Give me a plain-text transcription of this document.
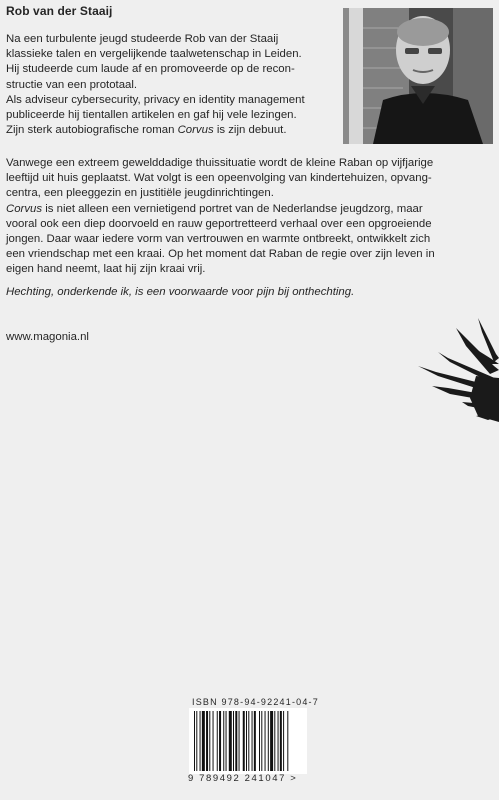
Rob van der Staaij

Na een turbulente jeugd studeerde Rob van der Staaij
klassieke talen en vergelijkende taalwetenschap in Leiden.
Hij studeerde cum laude af en promoveerde op de recon-
structie van een prototaal.

Als adviseur cybersecurity, privacy en identity management
publiceerde hij tientallen artikelen en gaf hij vele lezingen.
Zijn sterk autobiografische roman Corvus is zijn debuut.

Vanwege een extreem gewelddadige thuissituatie wordt de kleine Raban op vijfjarige
leeftijd uit huis geplaatst. Wat volgt is een opeenvolging van kindertehuizen, opvang-
centra, een pleeggezin en justitiële jeugdinrichtingen.
Corvus is niet alleen een vernietigend portret van de Nederlandse jeugdzorg, maar
vooral ook een diep doorvoeld en rauw geportretteerd verhaal over een opgroeiende
jongen. Daar waar iedere vorm van vertrouwen en warmte ontbreekt, ontwikkelt zich
een vriendschap met een kraai. Op het moment dat Raban de regie over zijn leven in
eigen hand neemt, laat hij zijn kraai vrij.

Hechting, onderkende ik, is een voorwaarde voor pijn bij onthechting.
www.magonia.nl
ISBN 978-94-92241-04-7
9 789492 241047 >
